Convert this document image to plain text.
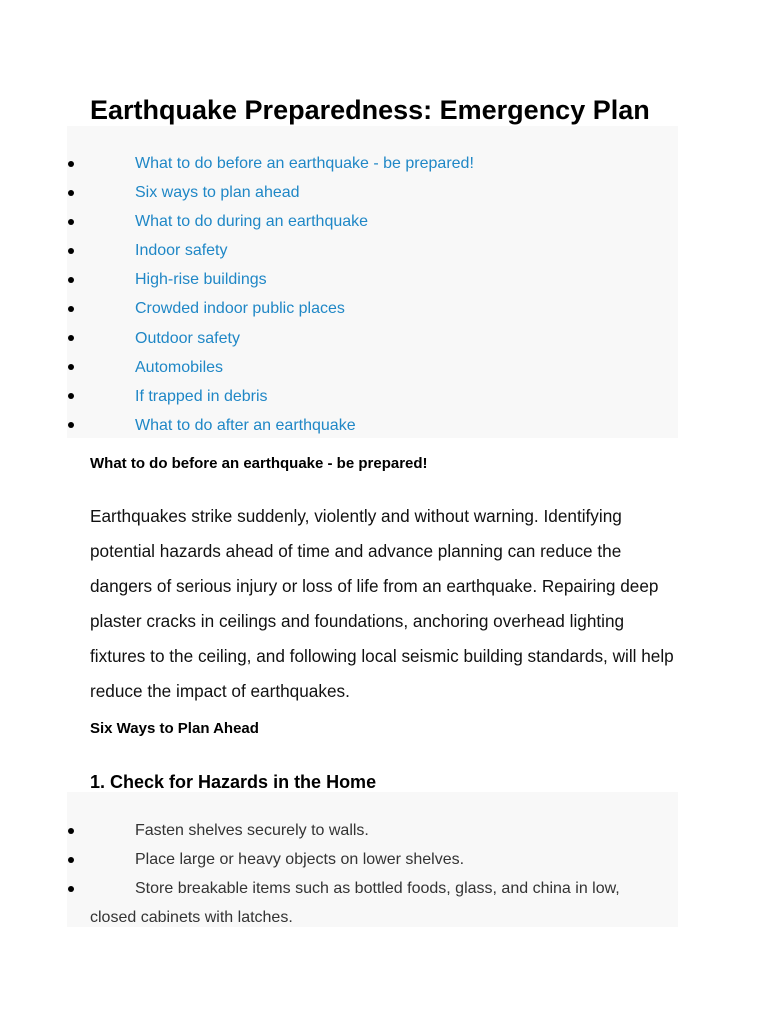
Earthquake Preparedness: Emergency Plan
What to do before an earthquake - be prepared!
Six ways to plan ahead
What to do during an earthquake
Indoor safety
High-rise buildings
Crowded indoor public places
Outdoor safety
Automobiles
If trapped in debris
What to do after an earthquake
What to do before an earthquake - be prepared!

Earthquakes strike suddenly, violently and without warning. Identifying potential hazards ahead of time and advance planning can reduce the dangers of serious injury or loss of life from an earthquake. Repairing deep plaster cracks in ceilings and foundations, anchoring overhead lighting fixtures to the ceiling, and following local seismic building standards, will help reduce the impact of earthquakes.

Six Ways to Plan Ahead
1. Check for Hazards in the Home
Fasten shelves securely to walls.
Place large or heavy objects on lower shelves.
Store breakable items such as bottled foods, glass, and china in low, closed cabinets with latches.
